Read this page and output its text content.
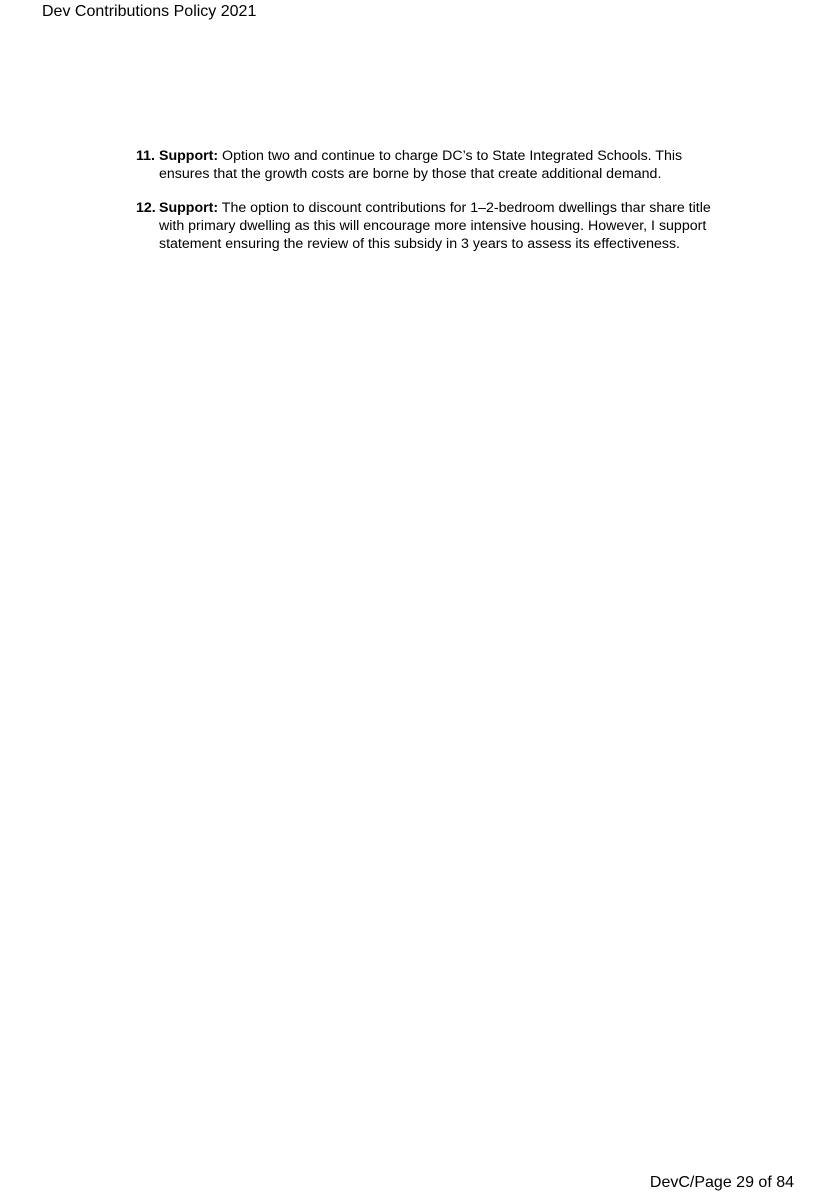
Dev Contributions Policy 2021
11. Support: Option two and continue to charge DC’s to State Integrated Schools. This ensures that the growth costs are borne by those that create additional demand.
12. Support: The option to discount contributions for 1–2-bedroom dwellings thar share title with primary dwelling as this will encourage more intensive housing. However, I support statement ensuring the review of this subsidy in 3 years to assess its effectiveness.
DevC/Page 29 of 84
